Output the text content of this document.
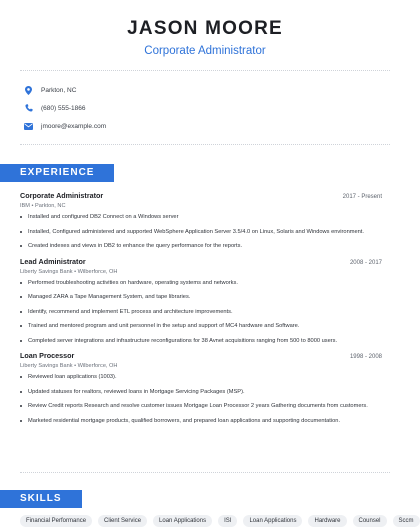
JASON MOORE
Corporate Administrator
Parkton, NC
(680) 555-1866
jmoore@example.com
EXPERIENCE
Corporate Administrator	2017 - Present
IBM • Parkton, NC
Installed and configured DB2 Connect on a Windows server
Installed, Configured administered and supported WebSphere Application Server 3.5/4.0 on Linux, Solaris and Windows environment.
Created indexes and views in DB2 to enhance the query performance for the reports.
Lead Administrator	2008 - 2017
Liberty Savings Bank • Wilberforce, OH
Performed troubleshooting activities on hardware, operating systems and networks.
Managed ZARA a Tape Management System, and tape libraries.
Identify, recommend and implement ETL process and architecture improvements.
Trained and mentored program and unit personnel in the setup and support of MC4 hardware and Software.
Completed server integrations and infrastructure reconfigurations for 38 Avnet acquisitions ranging from 500 to 8000 users.
Loan Processor	1998 - 2008
Liberty Savings Bank • Wilberforce, OH
Reviewed loan applications (1003).
Updated statuses for realtors, reviewed loans in Mortgage Servicing Packages (MSP).
Review Credit reports Research and resolve customer issues Mortgage Loan Processor 2 years Gathering documents from customers.
Marketed residential mortgage products, qualified borrowers, and prepared loan applications and supporting documentation.
SKILLS
Financial Performance	Client Service	Loan Applications	ISI	Loan Applications	Hardware	Counsel	Sccm
